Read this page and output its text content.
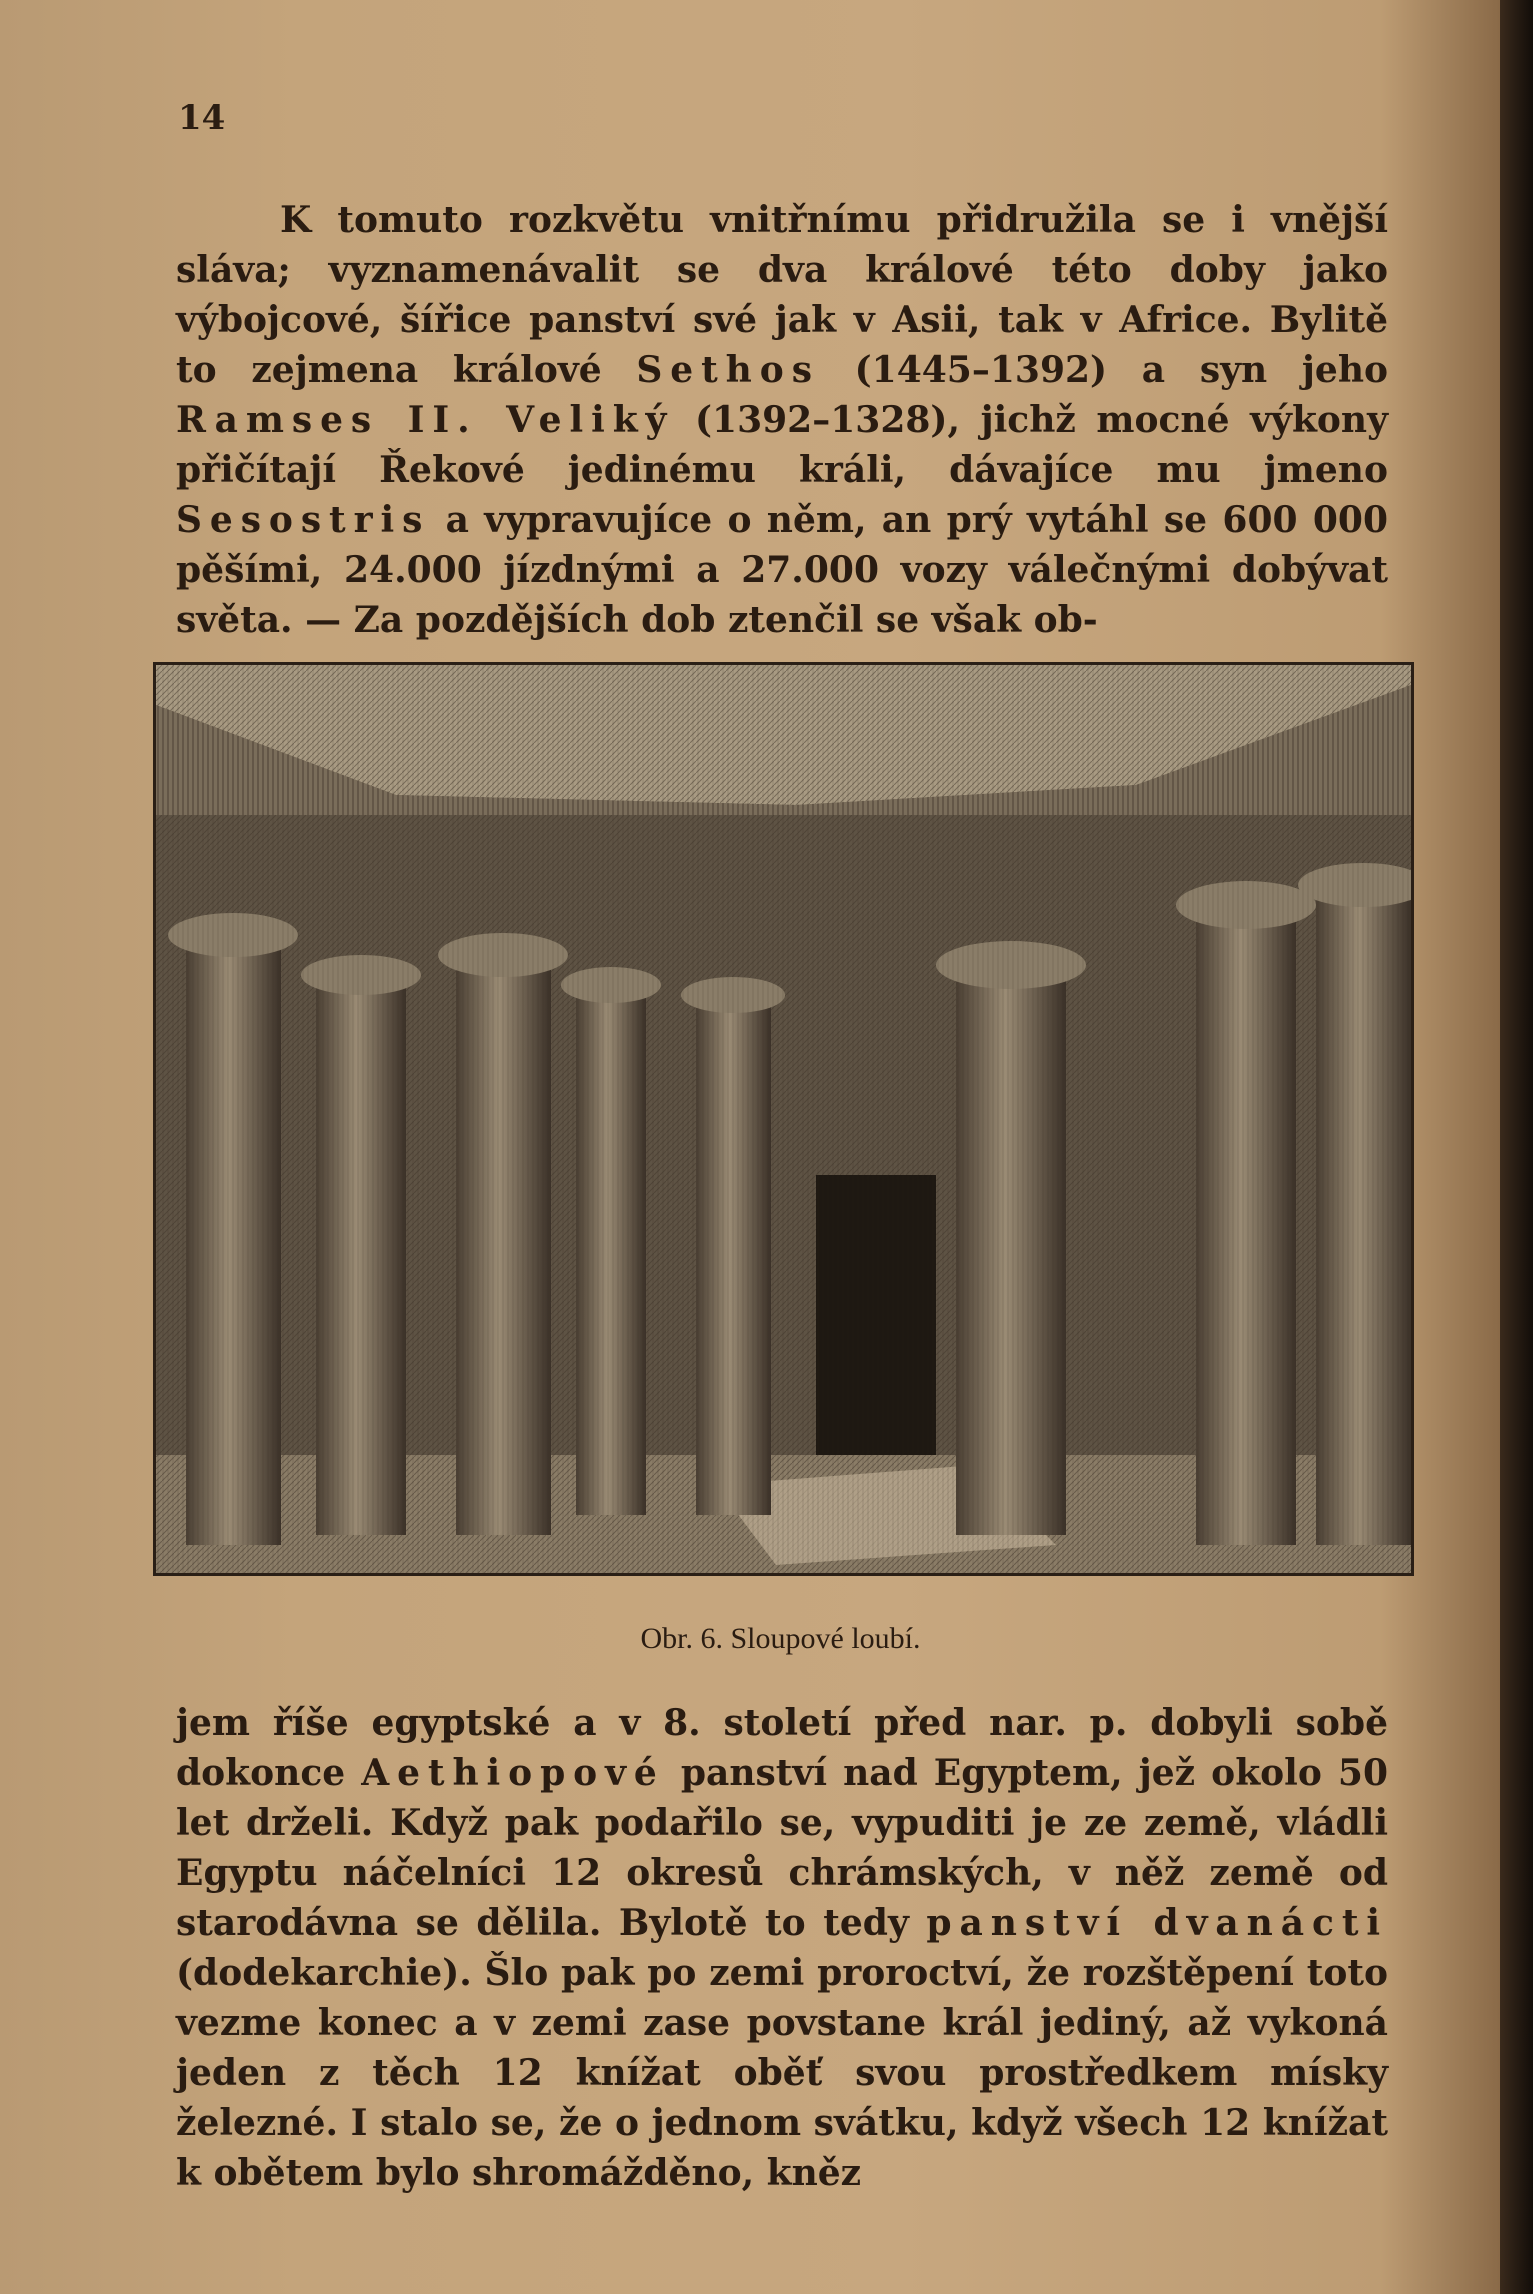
14

K tomuto rozkvětu vnitřnímu přidružila se i vnější sláva; vyznamenávalit se dva králové této doby jako výbojcové, šířice panství své jak v Asii, tak v Africe. Bylitě to zejmena králové Sethos (1445–1392) a syn jeho Ramses II. Veliký (1392–1328), jichž mocné výkony přičítají Řekové jedinému králi, dávajíce mu jmeno Sesostris a vypravujíce o něm, an prý vytáhl se 600 000 pěšími, 24.000 jízdnými a 27.000 vozy válečnými dobývat světa. — Za pozdějších dob ztenčil se však ob-

Obr. 6. Sloupové loubí.

jem říše egyptské a v 8. století před nar. p. dobyli sobě dokonce Aethiopové panství nad Egyptem, jež okolo 50 let drželi. Když pak podařilo se, vypuditi je ze země, vládli Egyptu náčelníci 12 okresů chrámských, v něž země od starodávna se dělila. Bylotě to tedy panství dvanácti (dodekarchie). Šlo pak po zemi proroctví, že rozštěpení toto vezme konec a v zemi zase povstane král jediný, až vykoná jeden z těch 12 knížat oběť svou prostředkem mísky železné. I stalo se, že o jednom svátku, když všech 12 knížat k obětem bylo shromážděno, kněz
